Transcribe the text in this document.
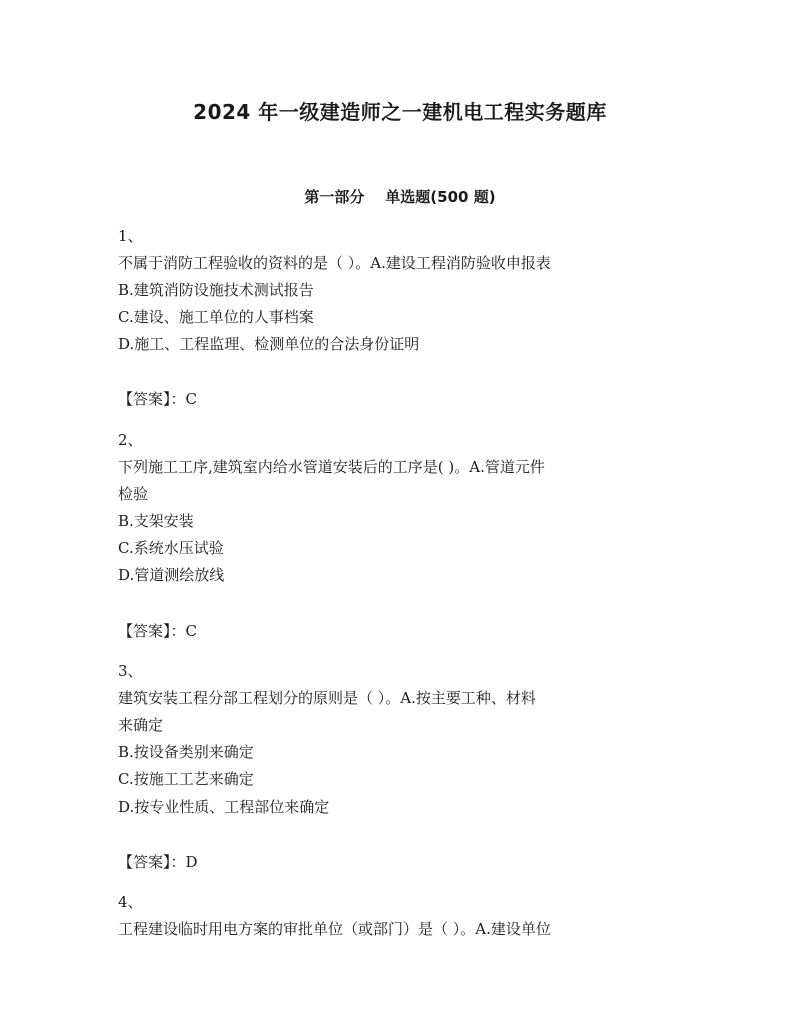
2024 年一级建造师之一建机电工程实务题库
第一部分    单选题(500 题)
1、
不属于消防工程验收的资料的是（ ）。A.建设工程消防验收申报表
B.建筑消防设施技术测试报告
C.建设、施工单位的人事档案
D.施工、工程监理、检测单位的合法身份证明
【答案】：C
2、
下列施工工序,建筑室内给水管道安装后的工序是( )。A.管道元件
检验
B.支架安装
C.系统水压试验
D.管道测绘放线
【答案】：C
3、
建筑安装工程分部工程划分的原则是（ ）。A.按主要工种、材料
来确定
B.按设备类别来确定
C.按施工工艺来确定
D.按专业性质、工程部位来确定
【答案】：D
4、
工程建设临时用电方案的审批单位（或部门）是（ ）。A.建设单位
